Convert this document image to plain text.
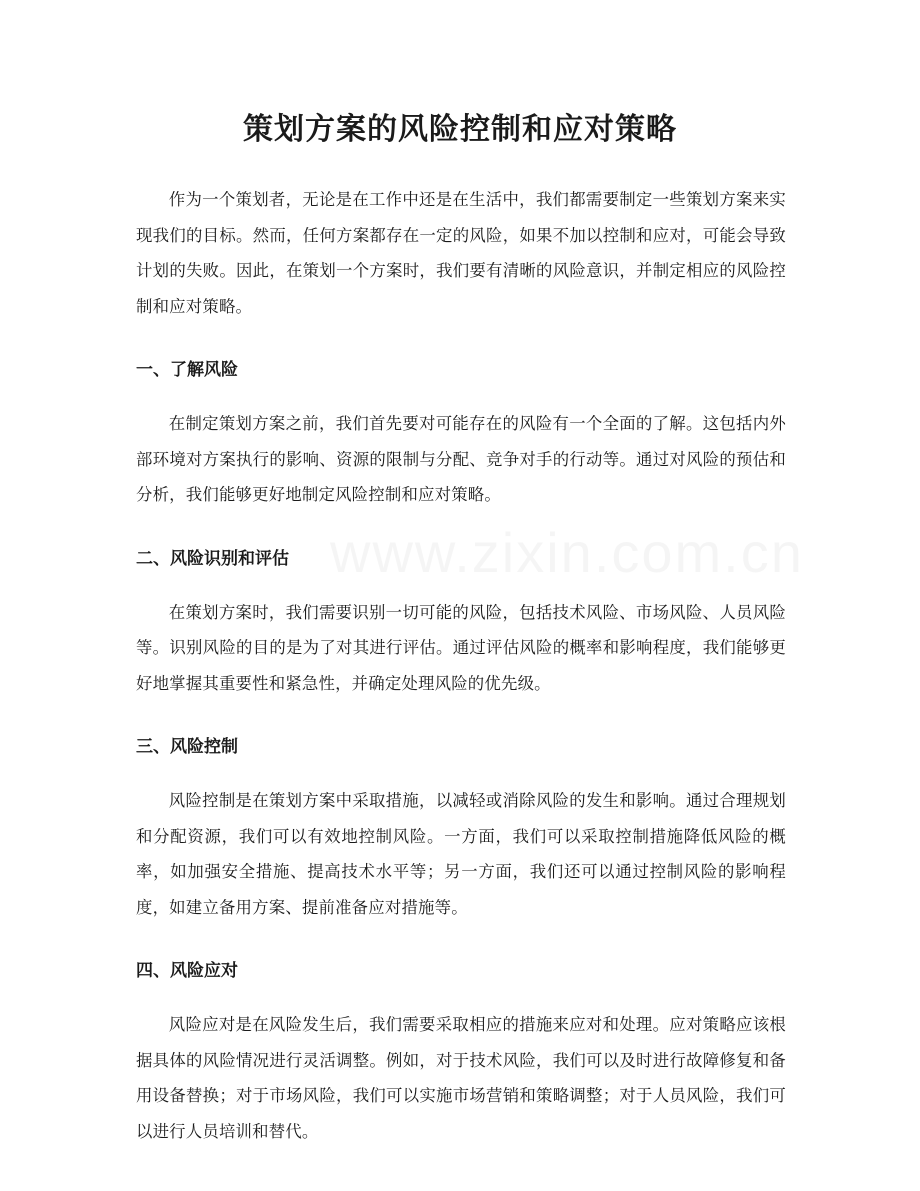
策划方案的风险控制和应对策略

作为一个策划者，无论是在工作中还是在生活中，我们都需要制定一些策划方案来实现我们的目标。然而，任何方案都存在一定的风险，如果不加以控制和应对，可能会导致计划的失败。因此，在策划一个方案时，我们要有清晰的风险意识，并制定相应的风险控制和应对策略。

一、了解风险

在制定策划方案之前，我们首先要对可能存在的风险有一个全面的了解。这包括内外部环境对方案执行的影响、资源的限制与分配、竞争对手的行动等。通过对风险的预估和分析，我们能够更好地制定风险控制和应对策略。

二、风险识别和评估

在策划方案时，我们需要识别一切可能的风险，包括技术风险、市场风险、人员风险等。识别风险的目的是为了对其进行评估。通过评估风险的概率和影响程度，我们能够更好地掌握其重要性和紧急性，并确定处理风险的优先级。

三、风险控制

风险控制是在策划方案中采取措施，以减轻或消除风险的发生和影响。通过合理规划和分配资源，我们可以有效地控制风险。一方面，我们可以采取控制措施降低风险的概率，如加强安全措施、提高技术水平等；另一方面，我们还可以通过控制风险的影响程度，如建立备用方案、提前准备应对措施等。

四、风险应对

风险应对是在风险发生后，我们需要采取相应的措施来应对和处理。应对策略应该根据具体的风险情况进行灵活调整。例如，对于技术风险，我们可以及时进行故障修复和备用设备替换；对于市场风险，我们可以实施市场营销和策略调整；对于人员风险，我们可以进行人员培训和替代。
